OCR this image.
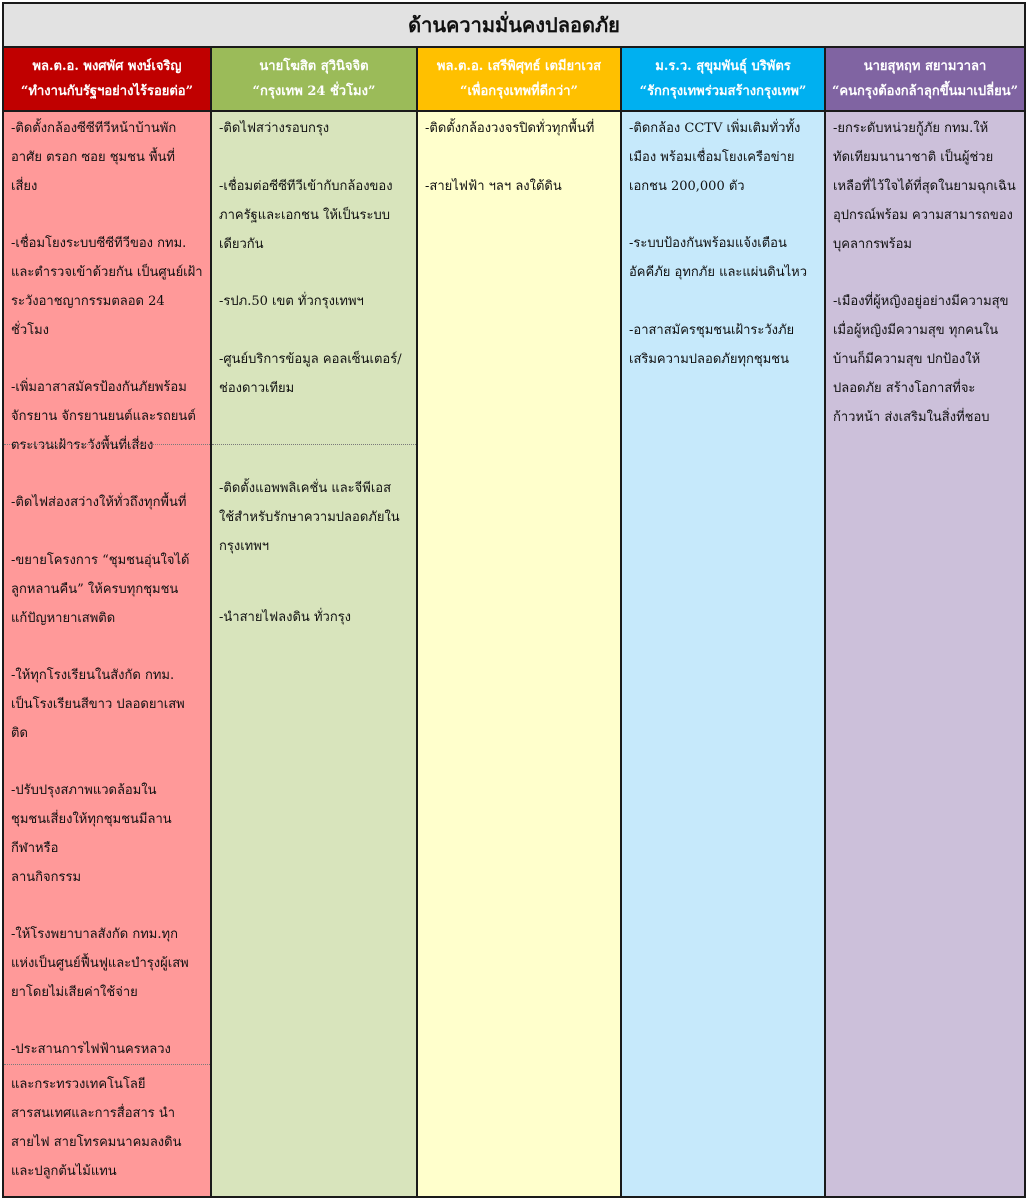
ด้านความมั่นคงปลอดภัย
พล.ต.อ. พงศพัศ พงษ์เจริญ
“ทำงานกับรัฐฯอย่างไร้รอยต่อ”
-ติดตั้งกล้องซีซีทีวีหน้าบ้านพัก
อาศัย ตรอก ซอย ชุมชน พื้นที่
เสี่ยง
-เชื่อมโยงระบบซีซีทีวีของ กทม.
และตำรวจเข้าด้วยกัน เป็นศูนย์เฝ้า
ระวังอาชญากรรมตลอด 24
ชั่วโมง
-เพิ่มอาสาสมัครป้องกันภัยพร้อม
จักรยาน จักรยานยนต์และรถยนต์
ตระเวนเฝ้าระวังพื้นที่เสี่ยง
-ติดไฟส่องสว่างให้ทั่วถึงทุกพื้นที่
-ขยายโครงการ “ชุมชนอุ่นใจได้
ลูกหลานคืน” ให้ครบทุกชุมชน
แก้ปัญหายาเสพติด
-ให้ทุกโรงเรียนในสังกัด กทม.
เป็นโรงเรียนสีขาว ปลอดยาเสพ
ติด
-ปรับปรุงสภาพแวดล้อมใน
ชุมชนเสี่ยงให้ทุกชุมชนมีลาน
กีฬาหรือ
ลานกิจกรรม
-ให้โรงพยาบาลสังกัด กทม.ทุก
แห่งเป็นศูนย์ฟื้นฟูและบำรุงผู้เสพ
ยาโดยไม่เสียค่าใช้จ่าย
-ประสานการไฟฟ้านครหลวง
และกระทรวงเทคโนโลยี
สารสนเทศและการสื่อสาร นำ
สายไฟ สายโทรคมนาคมลงดิน
และปลูกต้นไม้แทน
นายโฆสิต สุวินิจจิต
“กรุงเทพ 24 ชั่วโมง”
-ติดไฟสว่างรอบกรุง
-เชื่อมต่อซีซีทีวีเข้ากับกล้องของ
ภาครัฐและเอกชน ให้เป็นระบบ
เดียวกัน
-รปภ.50 เขต ทั่วกรุงเทพฯ
-ศูนย์บริการข้อมูล คอลเซ็นเตอร์/
ช่องดาวเทียม
-ติดตั้งแอพพลิเคชั่น และจีพีเอส
ใช้สำหรับรักษาความปลอดภัยใน
กรุงเทพฯ
-นำสายไฟลงดิน ทั่วกรุง
พล.ต.อ. เสรีพิศุทธ์ เตมียาเวส
“เพื่อกรุงเทพที่ดีกว่า”
-ติดตั้งกล้องวงจรปิดทั่วทุกพื้นที่
-สายไฟฟ้า ฯลฯ ลงใต้ดิน
ม.ร.ว. สุขุมพันธุ์ บริพัตร
“รักกรุงเทพร่วมสร้างกรุงเทพ”
-ติดกล้อง CCTV เพิ่มเติมทั่วทั้ง
เมือง พร้อมเชื่อมโยงเครือข่าย
เอกชน 200,000 ตัว
-ระบบป้องกันพร้อมแจ้งเตือน
อัคคีภัย อุทกภัย และแผ่นดินไหว
-อาสาสมัครชุมชนเฝ้าระวังภัย
เสริมความปลอดภัยทุกชุมชน
นายสุหฤท สยามวาลา
“คนกรุงต้องกล้าลุกขึ้นมาเปลี่ยน”
-ยกระดับหน่วยกู้ภัย กทม.ให้
ทัดเทียมนานาชาติ เป็นผู้ช่วย
เหลือที่ไว้ใจได้ที่สุดในยามฉุกเฉิน
อุปกรณ์พร้อม ความสามารถของ
บุคลากรพร้อม
-เมืองที่ผู้หญิงอยู่อย่างมีความสุข
เมื่อผู้หญิงมีความสุข ทุกคนใน
บ้านก็มีความสุข ปกป้องให้
ปลอดภัย สร้างโอกาสที่จะ
ก้าวหน้า ส่งเสริมในสิ่งที่ชอบ
